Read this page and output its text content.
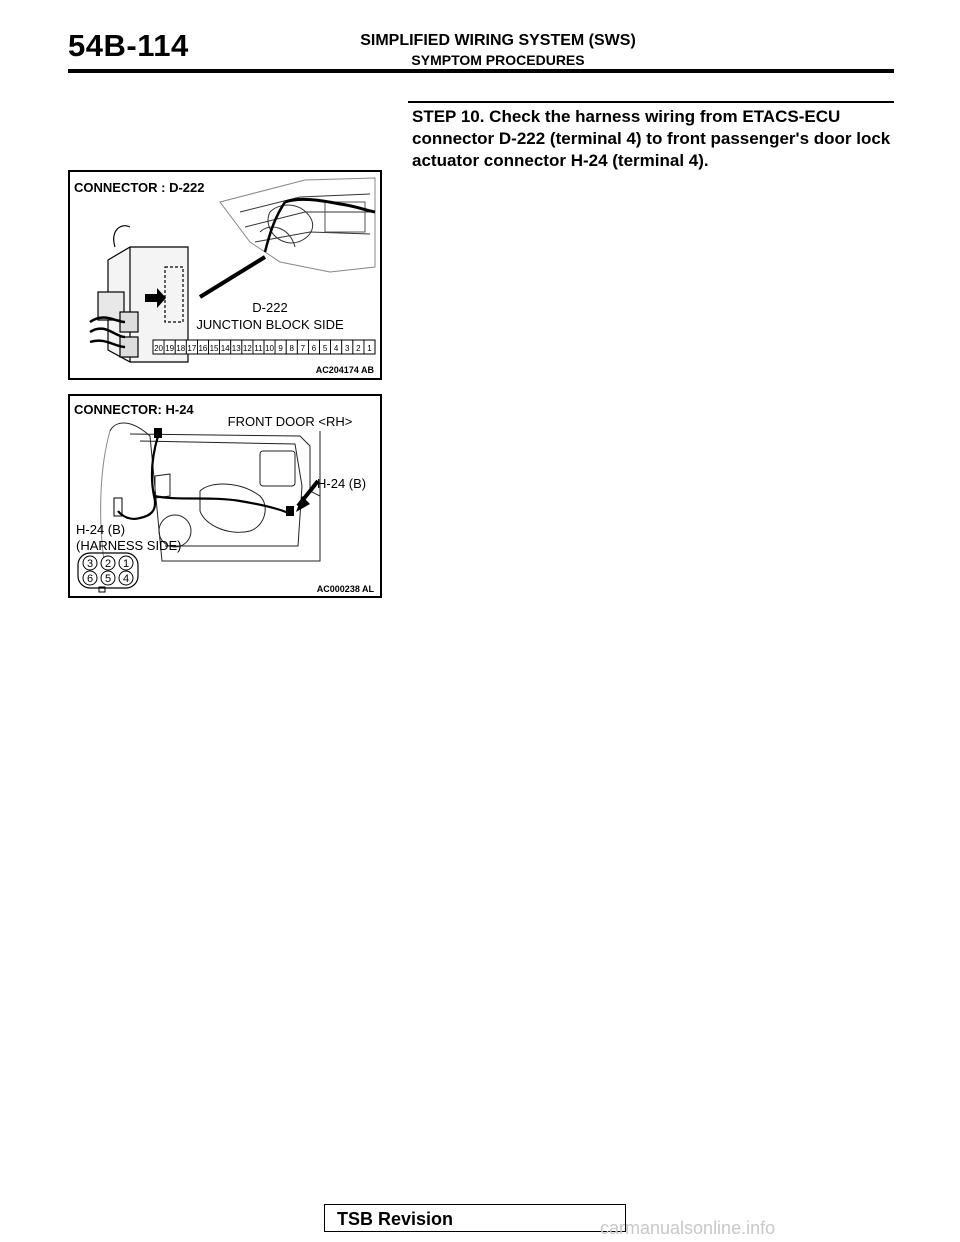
54B-114	SIMPLIFIED WIRING SYSTEM (SWS)
SYMPTOM PROCEDURES
STEP 10. Check the harness wiring from ETACS-ECU connector D-222 (terminal 4) to front passenger's door lock actuator connector H-24 (terminal 4).
CONNECTOR : D-222
D-222
JUNCTION BLOCK SIDE
20 19 18 17 16 15 14 13 12 11 10 9 8 7 6 5 4 3 2 1
AC204174 AB
CONNECTOR: H-24
FRONT DOOR <RH>
H-24 (B)
H-24 (B)
(HARNESS SIDE)
3 2 1
6 5 4
AC000238 AL
TSB Revision	carmanualsonline.info
